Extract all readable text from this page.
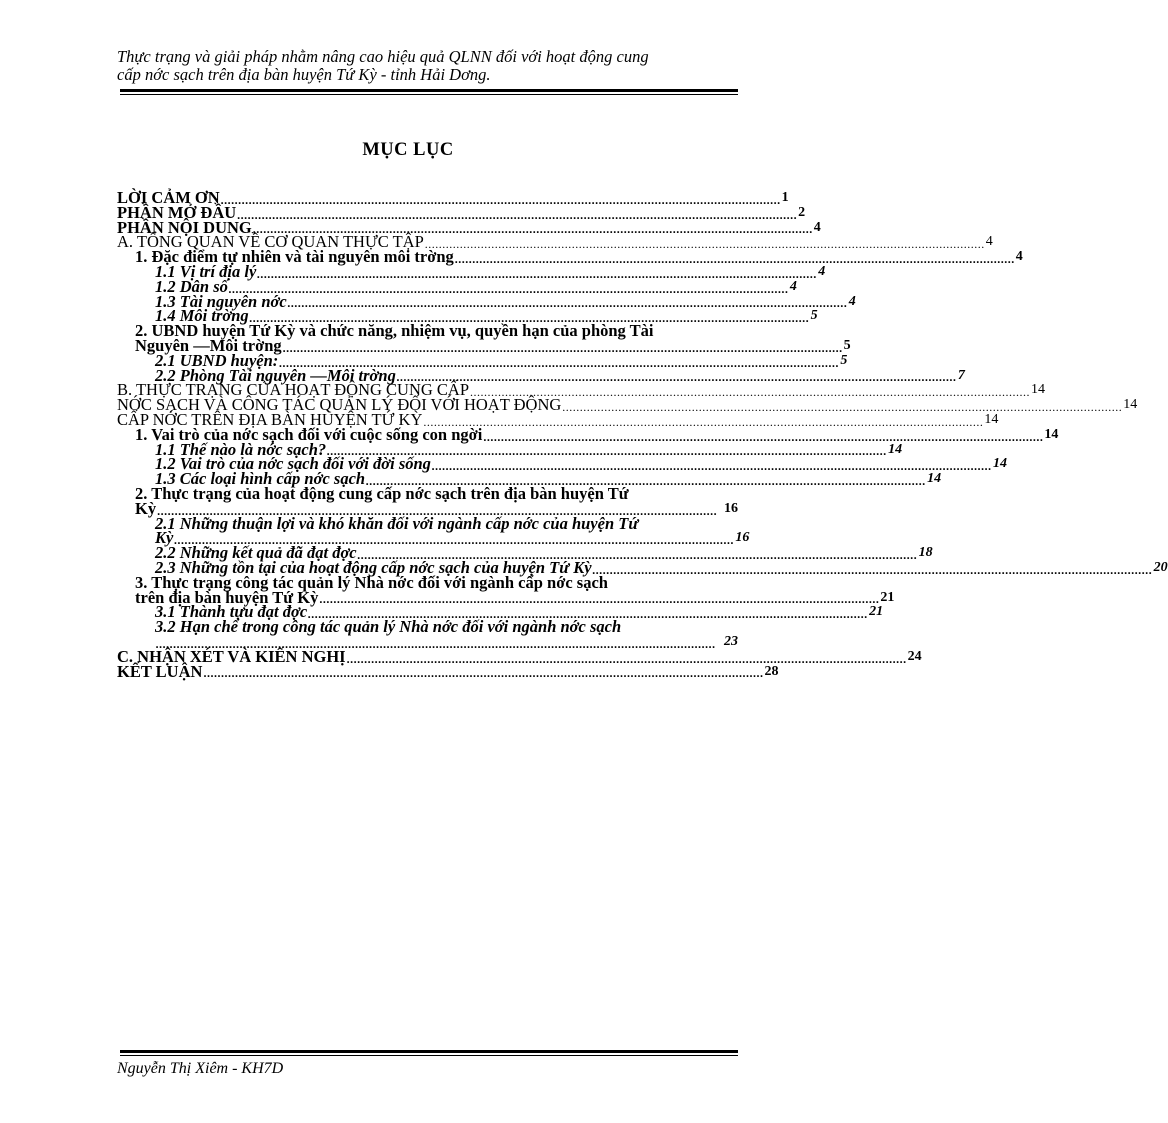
Thực trạng và giải pháp nhằm nâng cao hiệu quả QLNN đối với hoạt động cung
cấp nớc sạch trên địa bàn huyện Tứ Kỳ - tỉnh Hải Dơng.
MỤC LỤC
LỜI CẢM ƠN ................................................................................................................................................................ 1
PHẦN MỞ ĐẦU ................................................................................................................................................................ 2
PHẦN NỘI DUNG ................................................................................................................................................................ 4
A. TỔNG QUAN VỀ CƠ QUAN THỰC TẬP ................................................................................................................................................................ 4
1. Đặc điểm tự nhiên và tài nguyên môi trờng ................................................................................................................................................................ 4
1.1 Vị trí địa lý ................................................................................................................................................................ 4
1.2 Dân số ................................................................................................................................................................ 4
1.3 Tài nguyên nớc ................................................................................................................................................................ 4
1.4 Môi trờng ................................................................................................................................................................ 5
2. UBND huyện Tứ Kỳ và chức năng, nhiệm vụ, quyền hạn của phòng Tài
Nguyên —Môi trờng ................................................................................................................................................................ 5
2.1 UBND huyện: ................................................................................................................................................................ 5
2.2 Phòng Tài nguyên —Môi trờng ................................................................................................................................................................ 7
B. THỰC TRẠNG CỦA HOẠT ĐỘNG CUNG CẤP ................................................................................................................................................................ 14
NỚC SẠCH VÀ CÔNG TÁC QUẢN LÝ ĐỐI VỚI HOẠT ĐỘNG ................................................................................................................................................................ 14
CẤP NỚC TRÊN ĐỊA BÀN HUYỆN TỨ KỲ ................................................................................................................................................................ 14
1. Vai trò của nớc sạch đối với cuộc sống con ngời ................................................................................................................................................................ 14
1.1 Thế nào là nớc sạch? ................................................................................................................................................................ 14
1.2 Vai trò của nớc sạch đối với đời sống ................................................................................................................................................................ 14
1.3 Các loại hình cấp nớc sạch ................................................................................................................................................................ 14
2. Thực trạng của hoạt động cung cấp nớc sạch trên địa bàn huyện Tứ
Kỳ ................................................................................................................................................................ 16
2.1 Những thuận lợi và khó khăn đối với ngành cấp nớc của huyện Tứ
Kỳ ................................................................................................................................................................ 16
2.2 Những kết quả đã đạt đợc ................................................................................................................................................................ 18
2.3 Những tồn tại của hoạt động cấp nớc sạch của huyện Tứ Kỳ ................................................................................................................................................................ 20
3. Thực trạng công tác quản lý Nhà nớc đối với ngành cấp nớc sạch
trên địa bàn huyện Tứ Kỳ ................................................................................................................................................................ 21
3.1 Thành tựu đạt đợc ................................................................................................................................................................ 21
3.2 Hạn chế trong công tác quản lý Nhà nớc đối với ngành nớc sạch
................................................................................................................................................................ 23
C. NHẬN XÉT VÀ KIẾN NGHỊ ................................................................................................................................................................ 24
KẾT LUẬN ................................................................................................................................................................ 28
Nguyễn Thị Xiêm - KH7D
